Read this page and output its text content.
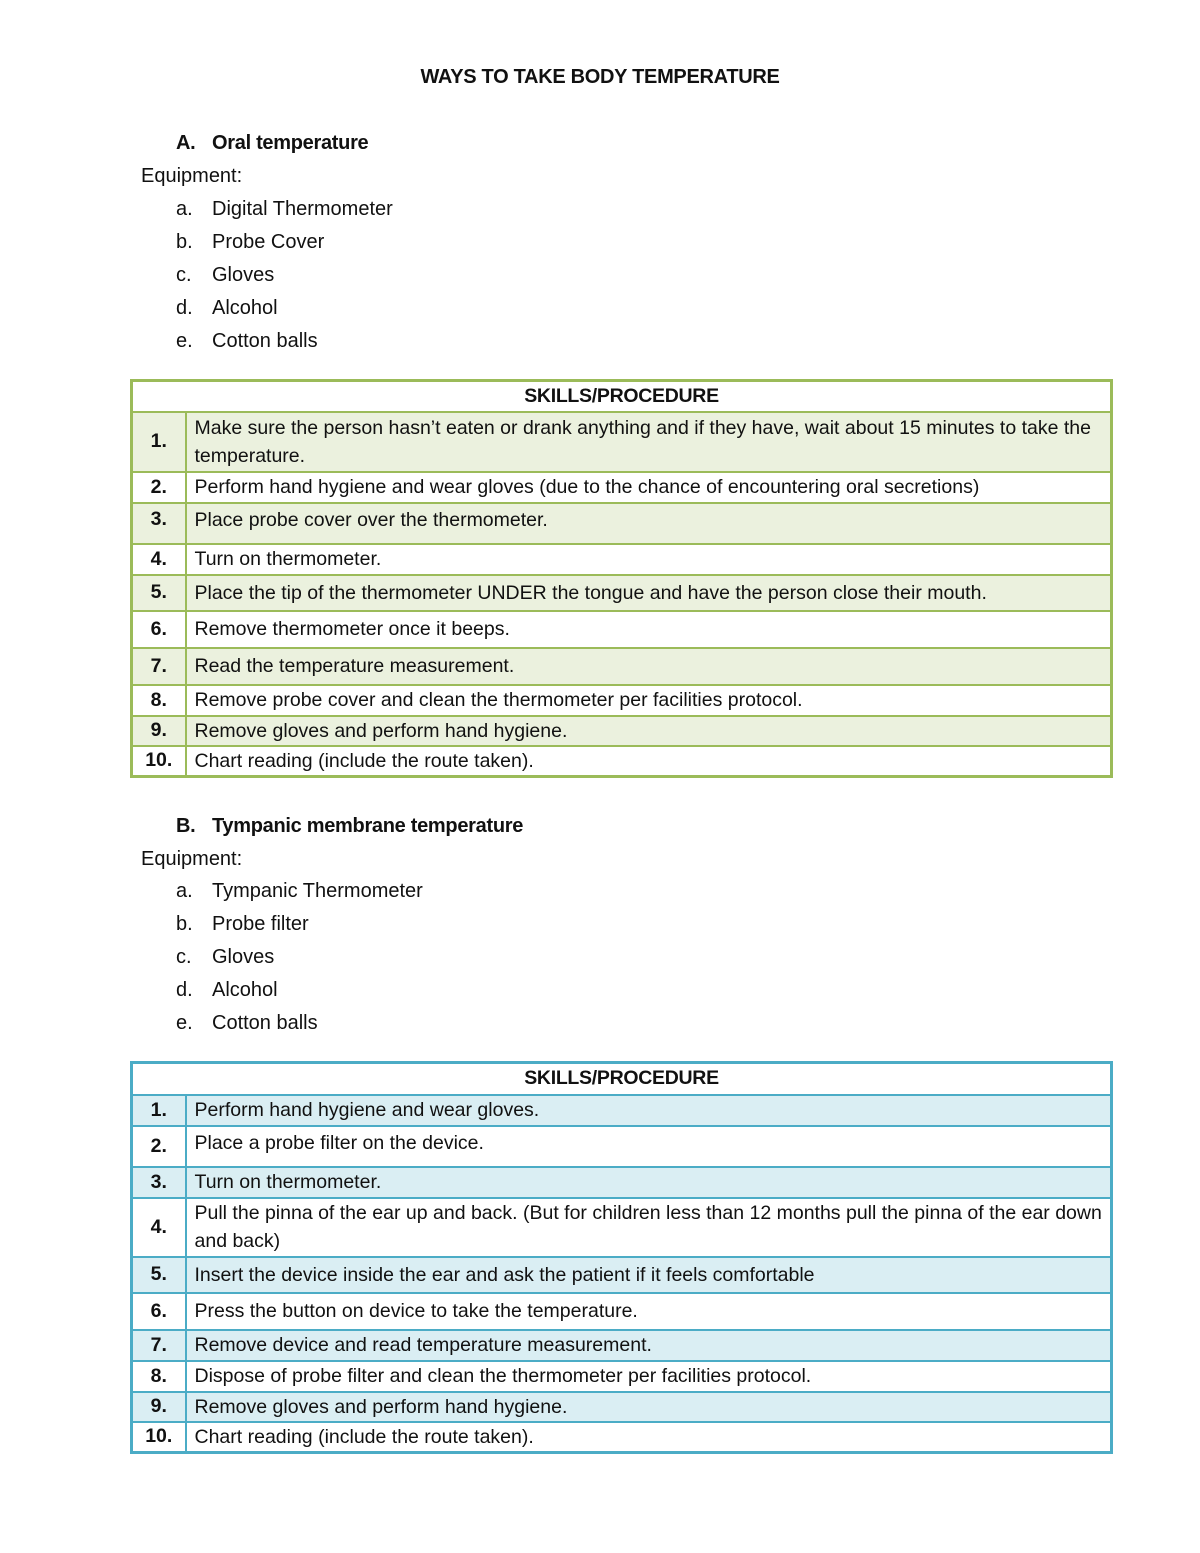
WAYS TO TAKE BODY TEMPERATURE
A. Oral temperature
Equipment:
a. Digital Thermometer
b. Probe Cover
c. Gloves
d. Alcohol
e. Cotton balls
SKILLS/PROCEDURE	
1.	Make sure the person hasn’t eaten or drank anything and if they have, wait about 15 minutes to take the temperature.
2.	Perform hand hygiene and wear gloves (due to the chance of encountering oral secretions)
3.	Place probe cover over the thermometer.
4.	Turn on thermometer.
5.	Place the tip of the thermometer UNDER the tongue and have the person close their mouth.
6.	Remove thermometer once it beeps.
7.	Read the temperature measurement.
8.	Remove probe cover and clean the thermometer per facilities protocol.
9.	Remove gloves and perform hand hygiene.
10.	Chart reading (include the route taken).
B. Tympanic membrane temperature
Equipment:
a. Tympanic Thermometer
b. Probe filter
c. Gloves
d. Alcohol
e. Cotton balls
SKILLS/PROCEDURE	
1.	Perform hand hygiene and wear gloves.
2.	Place a probe filter on the device.
3.	Turn on thermometer.
4.	Pull the pinna of the ear up and back. (But for children less than 12 months pull the pinna of the ear down and back)
5.	Insert the device inside the ear and ask the patient if it feels comfortable
6.	Press the button on device to take the temperature.
7.	Remove device and read temperature measurement.
8.	Dispose of probe filter and clean the thermometer per facilities protocol.
9.	Remove gloves and perform hand hygiene.
10.	Chart reading (include the route taken).
